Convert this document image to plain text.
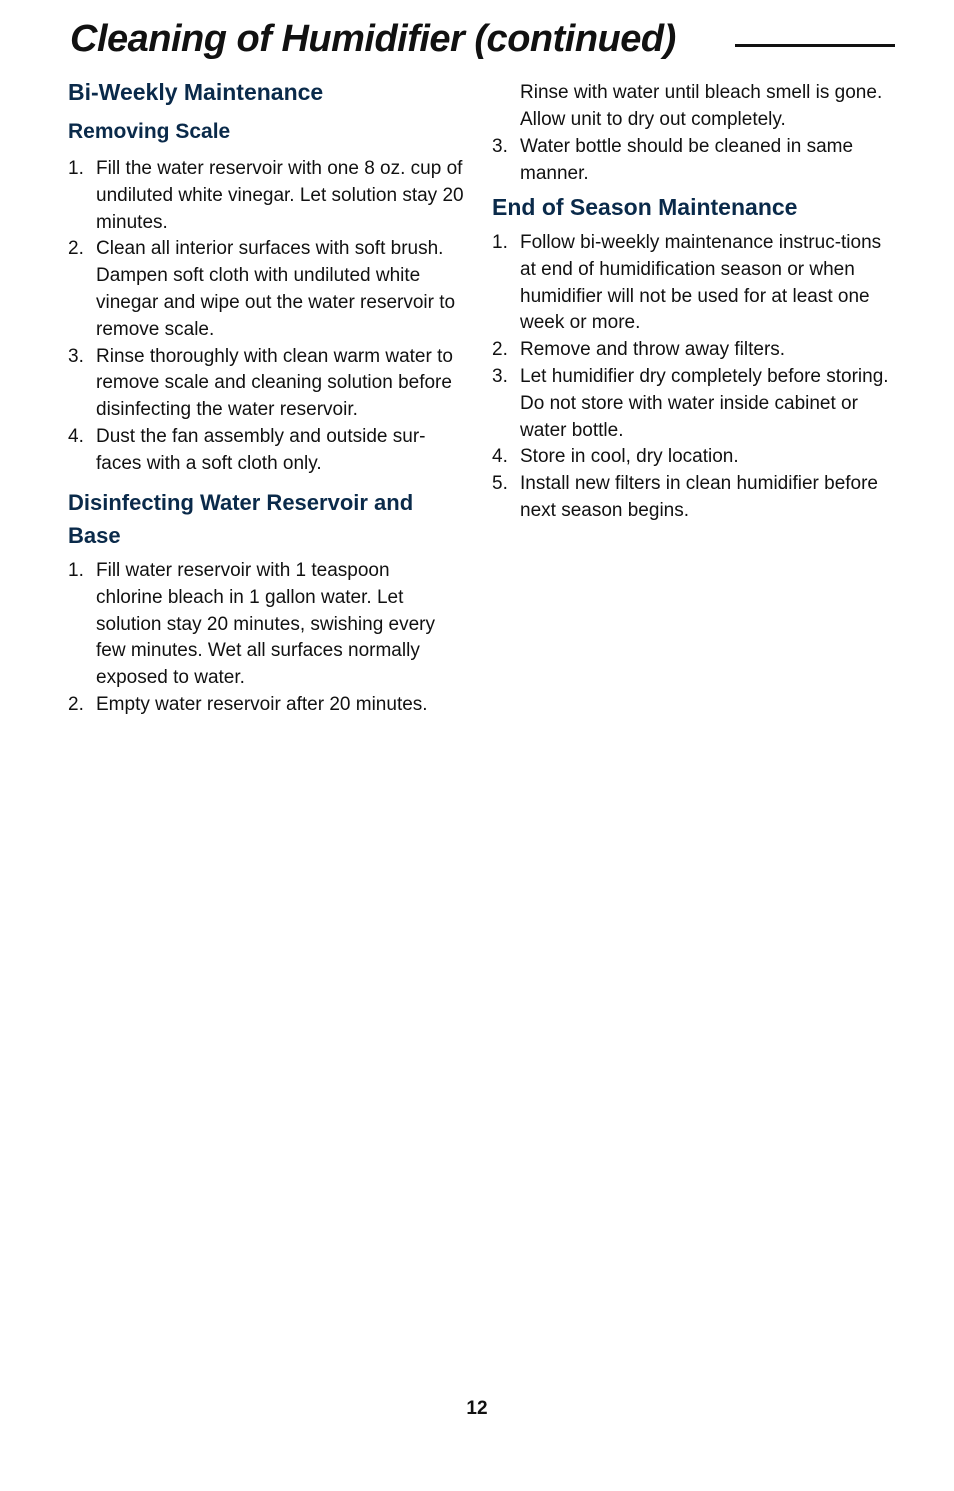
Cleaning of Humidifier (continued)
Bi-Weekly Maintenance
Removing Scale
1. Fill the water reservoir with one 8 oz. cup of undiluted white vinegar. Let solution stay 20 minutes.
2. Clean all interior surfaces with soft brush. Dampen soft cloth with undiluted white vinegar and wipe out the water reservoir to remove scale.
3. Rinse thoroughly with clean warm water to remove scale and cleaning solution before disinfecting the water reservoir.
4. Dust the fan assembly and outside sur-faces with a soft cloth only.
Disinfecting Water Reservoir and Base
1. Fill water reservoir with 1 teaspoon chlorine bleach in 1 gallon water. Let solution stay 20 minutes, swishing every few minutes. Wet all surfaces normally exposed to water.
2. Empty water reservoir after 20 minutes.

Rinse with water until bleach smell is gone. Allow unit to dry out completely.

3. Water bottle should be cleaned in same manner.
End of Season Maintenance
1. Follow bi-weekly maintenance instruc-tions at end of humidification season or when humidifier will not be used for at least one week or more.
2. Remove and throw away filters.
3. Let humidifier dry completely before storing. Do not store with water inside cabinet or water bottle.
4. Store in cool, dry location.
5. Install new filters in clean humidifier before next season begins.

12
